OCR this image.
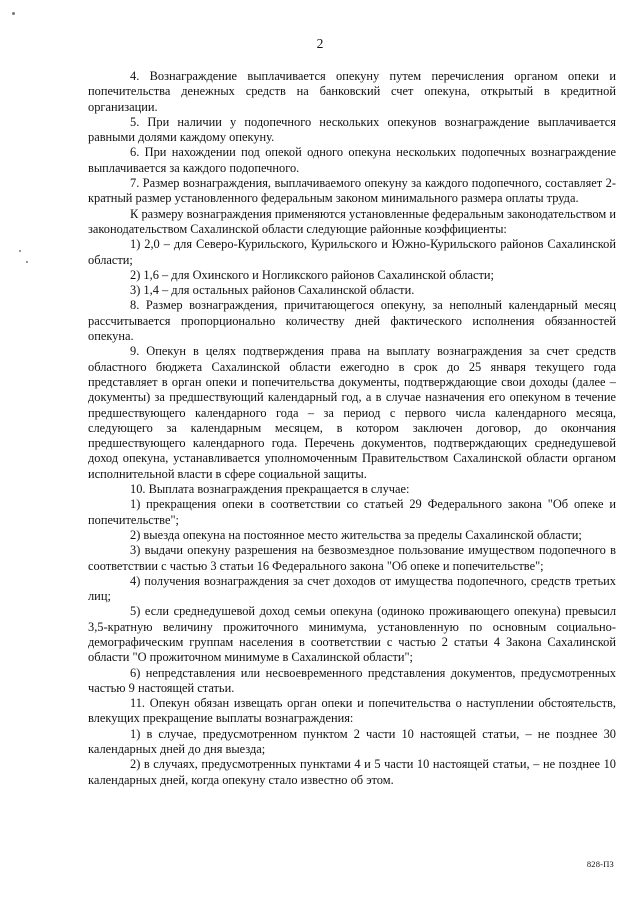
2

4. Вознаграждение выплачивается опекуну путем перечисления органом опеки и попечительства денежных средств на банковский счет опекуна, открытый в кредитной организации.

5. При наличии у подопечного нескольких опекунов вознаграждение выплачивается равными долями каждому опекуну.

6. При нахождении под опекой одного опекуна нескольких подопечных вознаграждение выплачивается за каждого подопечного.

7. Размер вознаграждения, выплачиваемого опекуну за каждого подопечного, составляет 2-кратный размер установленного федеральным законом минимального размера оплаты труда.

К размеру вознаграждения применяются установленные федеральным законодательством и законодательством Сахалинской области следующие районные коэффициенты:

1) 2,0 – для Северо-Курильского, Курильского и Южно-Курильского районов Сахалинской области;

2) 1,6 – для Охинского и Ногликского районов Сахалинской области;

3) 1,4 – для остальных районов Сахалинской области.

8. Размер вознаграждения, причитающегося опекуну, за неполный календарный месяц рассчитывается пропорционально количеству дней фактического исполнения обязанностей опекуна.

9. Опекун в целях подтверждения права на выплату вознаграждения за счет средств областного бюджета Сахалинской области ежегодно в срок до 25 января текущего года представляет в орган опеки и попечительства документы, подтверждающие свои доходы (далее – документы) за предшествующий календарный год, а в случае назначения его опекуном в течение предшествующего календарного года – за период с первого числа календарного месяца, следующего за календарным месяцем, в котором заключен договор, до окончания предшествующего календарного года. Перечень документов, подтверждающих среднедушевой доход опекуна, устанавливается уполномоченным Правительством Сахалинской области органом исполнительной власти в сфере социальной защиты.

10. Выплата вознаграждения прекращается в случае:

1) прекращения опеки в соответствии со статьей 29 Федерального закона "Об опеке и попечительстве";

2) выезда опекуна на постоянное место жительства за пределы Сахалинской области;

3) выдачи опекуну разрешения на безвозмездное пользование имуществом подопечного в соответствии с частью 3 статьи 16 Федерального закона "Об опеке и попечительстве";

4) получения вознаграждения за счет доходов от имущества подопечного, средств третьих лиц;

5) если среднедушевой доход семьи опекуна (одиноко проживающего опекуна) превысил 3,5-кратную величину прожиточного минимума, установленную по основным социально-демографическим группам населения в соответствии с частью 2 статьи 4 Закона Сахалинской области "О прожиточном минимуме в Сахалинской области";

6) непредставления или несвоевременного представления документов, предусмотренных частью 9 настоящей статьи.

11. Опекун обязан извещать орган опеки и попечительства о наступлении обстоятельств, влекущих прекращение выплаты вознаграждения:

1) в случае, предусмотренном пунктом 2 части 10 настоящей статьи, – не позднее 30 календарных дней до дня выезда;

2) в случаях, предусмотренных пунктами 4 и 5 части 10 настоящей статьи, – не позднее 10 календарных дней, когда опекуну стало известно об этом.

828-ПЗ
